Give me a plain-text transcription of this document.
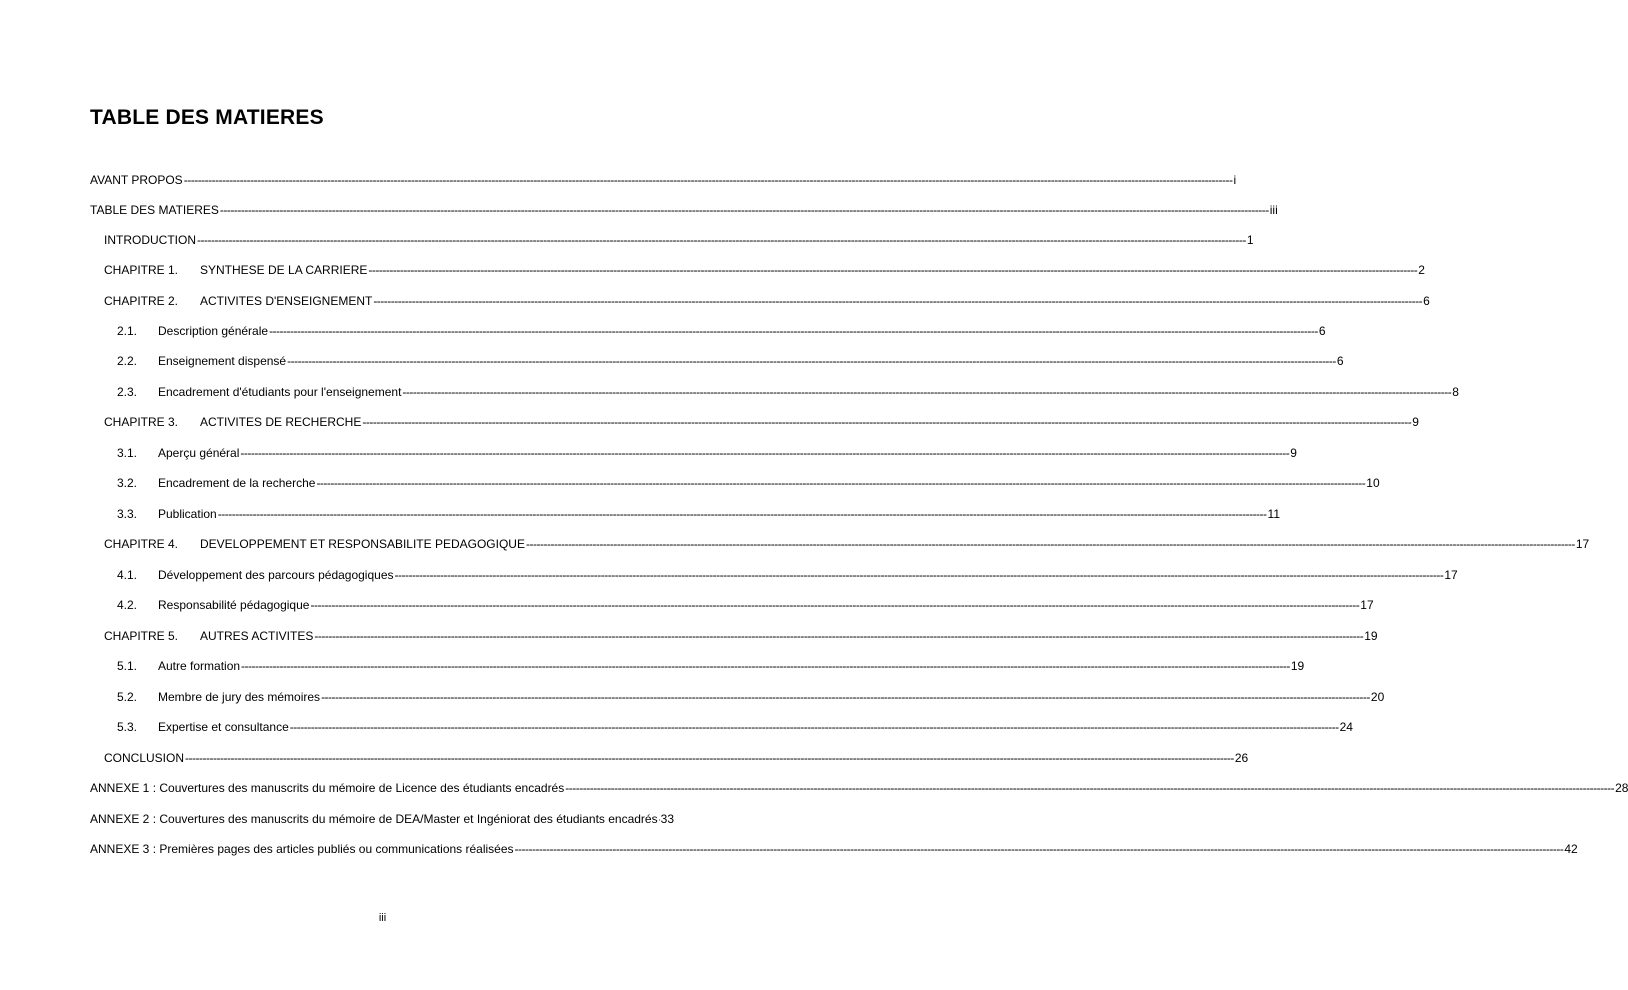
TABLE DES MATIERES
AVANT PROPOS ------------------------------------------------------------------------------------------------------------------------------------------------------------------------------------------------------------------------------------------------------------------------------------------------------------ i
TABLE DES MATIERES ------------------------------------------------------------------------------------------------------------------------------------------------------------------------------------------------------------------------------------------------------------------------------------------------------------ iii
INTRODUCTION ------------------------------------------------------------------------------------------------------------------------------------------------------------------------------------------------------------------------------------------------------------------------------------------------------------ 1
CHAPITRE 1.	SYNTHESE DE LA CARRIERE ------------------------------------------------------------------------------------------------------------------------------------------------------------------------------------------------------------------------------------------------------------------------------------------------------------ 2
CHAPITRE 2.	ACTIVITES D'ENSEIGNEMENT ------------------------------------------------------------------------------------------------------------------------------------------------------------------------------------------------------------------------------------------------------------------------------------------------------------ 6
2.1.	Description générale ------------------------------------------------------------------------------------------------------------------------------------------------------------------------------------------------------------------------------------------------------------------------------------------------------------ 6
2.2.	Enseignement dispensé ------------------------------------------------------------------------------------------------------------------------------------------------------------------------------------------------------------------------------------------------------------------------------------------------------------ 6
2.3.	Encadrement d'étudiants pour l'enseignement ------------------------------------------------------------------------------------------------------------------------------------------------------------------------------------------------------------------------------------------------------------------------------------------------------------ 8
CHAPITRE 3.	ACTIVITES DE RECHERCHE ------------------------------------------------------------------------------------------------------------------------------------------------------------------------------------------------------------------------------------------------------------------------------------------------------------ 9
3.1.	Aperçu général ------------------------------------------------------------------------------------------------------------------------------------------------------------------------------------------------------------------------------------------------------------------------------------------------------------ 9
3.2.	Encadrement de la recherche ------------------------------------------------------------------------------------------------------------------------------------------------------------------------------------------------------------------------------------------------------------------------------------------------------------ 10
3.3.	Publication ------------------------------------------------------------------------------------------------------------------------------------------------------------------------------------------------------------------------------------------------------------------------------------------------------------ 11
CHAPITRE 4.	DEVELOPPEMENT ET RESPONSABILITE PEDAGOGIQUE ------------------------------------------------------------------------------------------------------------------------------------------------------------------------------------------------------------------------------------------------------------------------------------------------------------ 17
4.1.	Développement des parcours pédagogiques ------------------------------------------------------------------------------------------------------------------------------------------------------------------------------------------------------------------------------------------------------------------------------------------------------------ 17
4.2.	Responsabilité pédagogique ------------------------------------------------------------------------------------------------------------------------------------------------------------------------------------------------------------------------------------------------------------------------------------------------------------ 17
CHAPITRE 5.	AUTRES ACTIVITES ------------------------------------------------------------------------------------------------------------------------------------------------------------------------------------------------------------------------------------------------------------------------------------------------------------ 19
5.1.	Autre formation ------------------------------------------------------------------------------------------------------------------------------------------------------------------------------------------------------------------------------------------------------------------------------------------------------------ 19
5.2.	Membre de jury des mémoires ------------------------------------------------------------------------------------------------------------------------------------------------------------------------------------------------------------------------------------------------------------------------------------------------------------ 20
5.3.	Expertise et consultance ------------------------------------------------------------------------------------------------------------------------------------------------------------------------------------------------------------------------------------------------------------------------------------------------------------ 24
CONCLUSION ------------------------------------------------------------------------------------------------------------------------------------------------------------------------------------------------------------------------------------------------------------------------------------------------------------ 26
ANNEXE 1 : Couvertures des manuscrits du mémoire de Licence des étudiants encadrés ------------------------------------------------------------------------------------------------------------------------------------------------------------------------------------------------------------------------------------------------------------------------------------------------------------ 28
ANNEXE 2 : Couvertures des manuscrits du mémoire de DEA/Master et Ingéniorat des étudiants encadrés 33
ANNEXE 3 : Premières pages des articles publiés ou communications réalisées ------------------------------------------------------------------------------------------------------------------------------------------------------------------------------------------------------------------------------------------------------------------------------------------------------------ 42
iii
